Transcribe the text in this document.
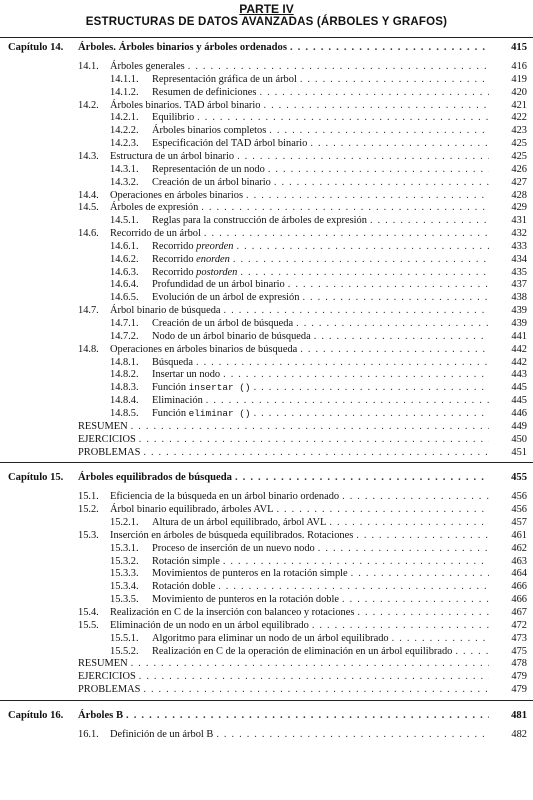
PARTE IV
ESTRUCTURAS DE DATOS AVANZADAS (ÁRBOLES Y GRAFOS)
Capítulo 14. Árboles. Árboles binarios y árboles ordenados . . .	415
14.1. Árboles generales . . .	416
14.1.1. Representación gráfica de un árbol . . .	419
14.1.2. Resumen de definiciones . . .	420
14.2. Árboles binarios. TAD árbol binario . . .	421
14.2.1. Equilibrio . . .	422
14.2.2. Árboles binarios completos . . .	423
14.2.3. Especificación del TAD árbol binario . . .	425
14.3. Estructura de un árbol binario . . .	425
14.3.1. Representación de un nodo . . .	426
14.3.2. Creación de un árbol binario . . .	427
14.4. Operaciones en árboles binarios . . .	428
14.5. Árboles de expresión . . .	429
14.5.1. Reglas para la construcción de árboles de expresión . . .	431
14.6. Recorrido de un árbol . . .	432
14.6.1. Recorrido preorden . . .	433
14.6.2. Recorrido enorden . . .	434
14.6.3. Recorrido postorden . . .	435
14.6.4. Profundidad de un árbol binario . . .	437
14.6.5. Evolución de un árbol de expresión . . .	438
14.7. Árbol binario de búsqueda . . .	439
14.7.1. Creación de un árbol de búsqueda . . .	439
14.7.2. Nodo de un árbol binario de búsqueda . . .	441
14.8. Operaciones en árboles binarios de búsqueda . . .	442
14.8.1. Búsqueda . . .	442
14.8.2. Insertar un nodo . . .	443
14.8.3. Función insertar () . . .	445
14.8.4. Eliminación . . .	445
14.8.5. Función eliminar () . . .	446
RESUMEN . . .	449
EJERCICIOS . . .	450
PROBLEMAS . . .	451
Capítulo 15. Árboles equilibrados de búsqueda . . .	455
15.1. Eficiencia de la búsqueda en un árbol binario ordenado . . .	456
15.2. Árbol binario equilibrado, árboles AVL . . .	456
15.2.1. Altura de un árbol equilibrado, árbol AVL . . .	457
15.3. Inserción en árboles de búsqueda equilibrados. Rotaciones . . .	461
15.3.1. Proceso de inserción de un nuevo nodo . . .	462
15.3.2. Rotación simple . . .	463
15.3.3. Movimientos de punteros en la rotación simple . . .	464
15.3.4. Rotación doble . . .	466
15.3.5. Movimiento de punteros en la rotación doble . . .	466
15.4. Realización en C de la inserción con balanceo y rotaciones . . .	467
15.5. Eliminación de un nodo en un árbol equilibrado . . .	472
15.5.1. Algoritmo para eliminar un nodo de un árbol equilibrado . . .	473
15.5.2. Realización en C de la operación de eliminación en un árbol equilibrado . . .	475
RESUMEN . . .	478
EJERCICIOS . . .	479
PROBLEMAS . . .	479
Capítulo 16. Árboles B . . .	481
16.1. Definición de un árbol B . . .	482
